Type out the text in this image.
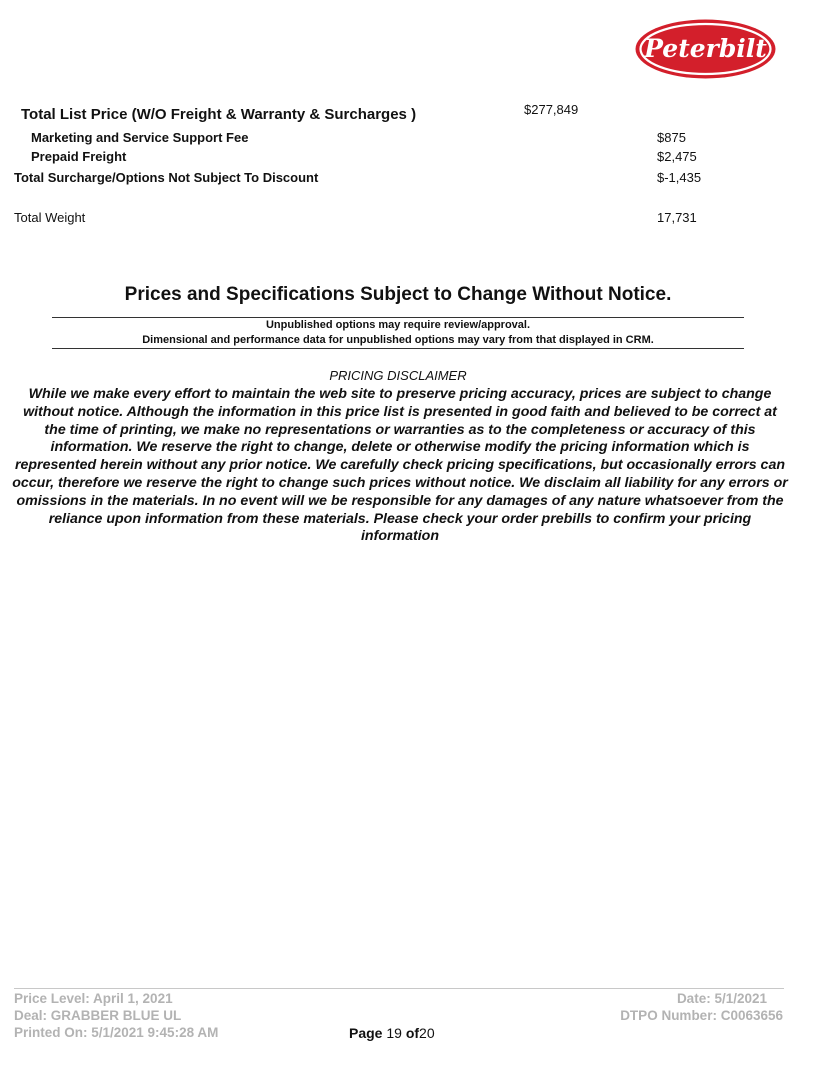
Peterbilt
Total List Price (W/O Freight & Warranty & Surcharges )	$277,849
Marketing and Service Support Fee	$875
Prepaid Freight	$2,475
Total Surcharge/Options Not Subject To Discount	$-1,435
Total Weight	17,731
Prices and Specifications Subject to Change Without Notice.
Unpublished options may require review/approval.
Dimensional and performance data for unpublished options may vary from that displayed in CRM.
PRICING DISCLAIMER
While we make every effort to maintain the web site to preserve pricing accuracy, prices are subject to change without notice. Although the information in this price list is presented in good faith and believed to be correct at the time of printing, we make no representations or warranties as to the completeness or accuracy of this information. We reserve the right to change, delete or otherwise modify the pricing information which is represented herein without any prior notice. We carefully check pricing specifications, but occasionally errors can occur, therefore we reserve the right to change such prices without notice. We disclaim all liability for any errors or omissions in the materials. In no event will we be responsible for any damages of any nature whatsoever from the reliance upon information from these materials. Please check your order prebills to confirm your pricing information
Price Level: April 1, 2021
Deal: GRABBER BLUE UL
Printed On: 5/1/2021 9:45:28 AM
Date: 5/1/2021
DTPO Number: C0063656
Page 19 of20
